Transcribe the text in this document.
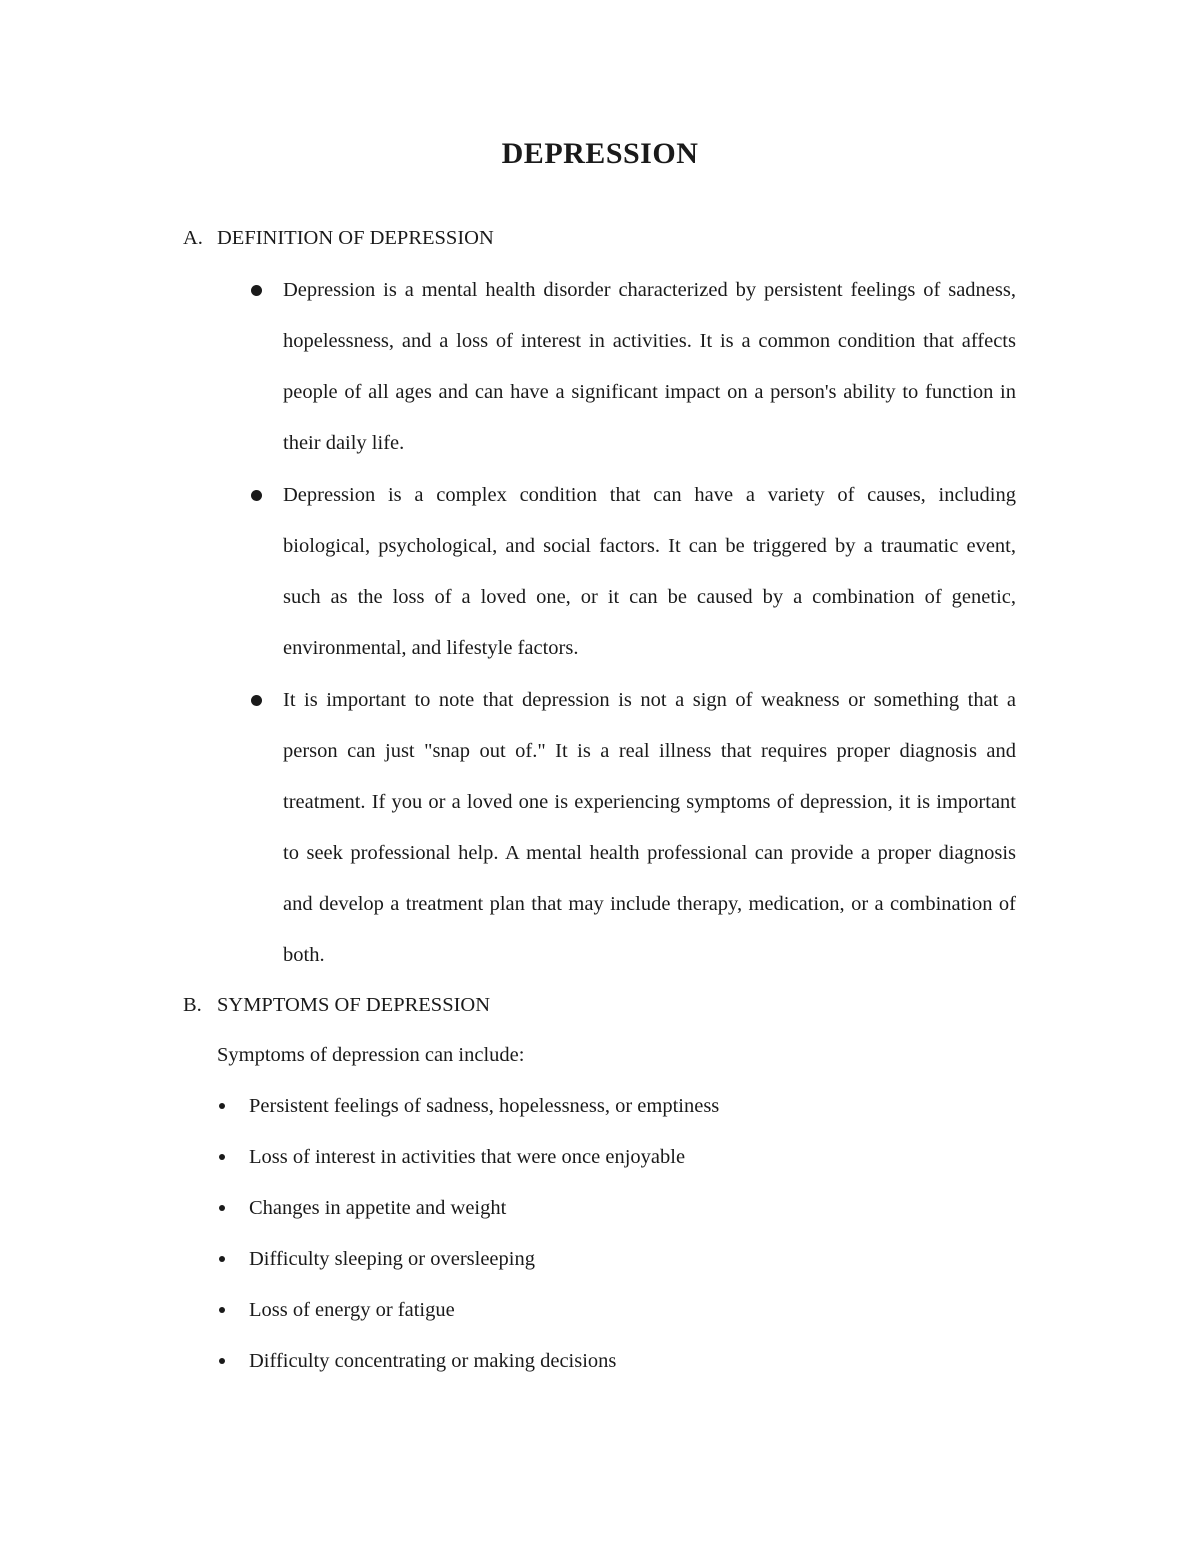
DEPRESSION

A. DEFINITION OF DEPRESSION

Depression is a mental health disorder characterized by persistent feelings of sadness, hopelessness, and a loss of interest in activities. It is a common condition that affects people of all ages and can have a significant impact on a person's ability to function in their daily life.

Depression is a complex condition that can have a variety of causes, including biological, psychological, and social factors. It can be triggered by a traumatic event, such as the loss of a loved one, or it can be caused by a combination of genetic, environmental, and lifestyle factors.

It is important to note that depression is not a sign of weakness or something that a person can just "snap out of." It is a real illness that requires proper diagnosis and treatment. If you or a loved one is experiencing symptoms of depression, it is important to seek professional help. A mental health professional can provide a proper diagnosis and develop a treatment plan that may include therapy, medication, or a combination of both.

B. SYMPTOMS OF DEPRESSION

Symptoms of depression can include:

Persistent feelings of sadness, hopelessness, or emptiness
Loss of interest in activities that were once enjoyable
Changes in appetite and weight
Difficulty sleeping or oversleeping
Loss of energy or fatigue
Difficulty concentrating or making decisions
